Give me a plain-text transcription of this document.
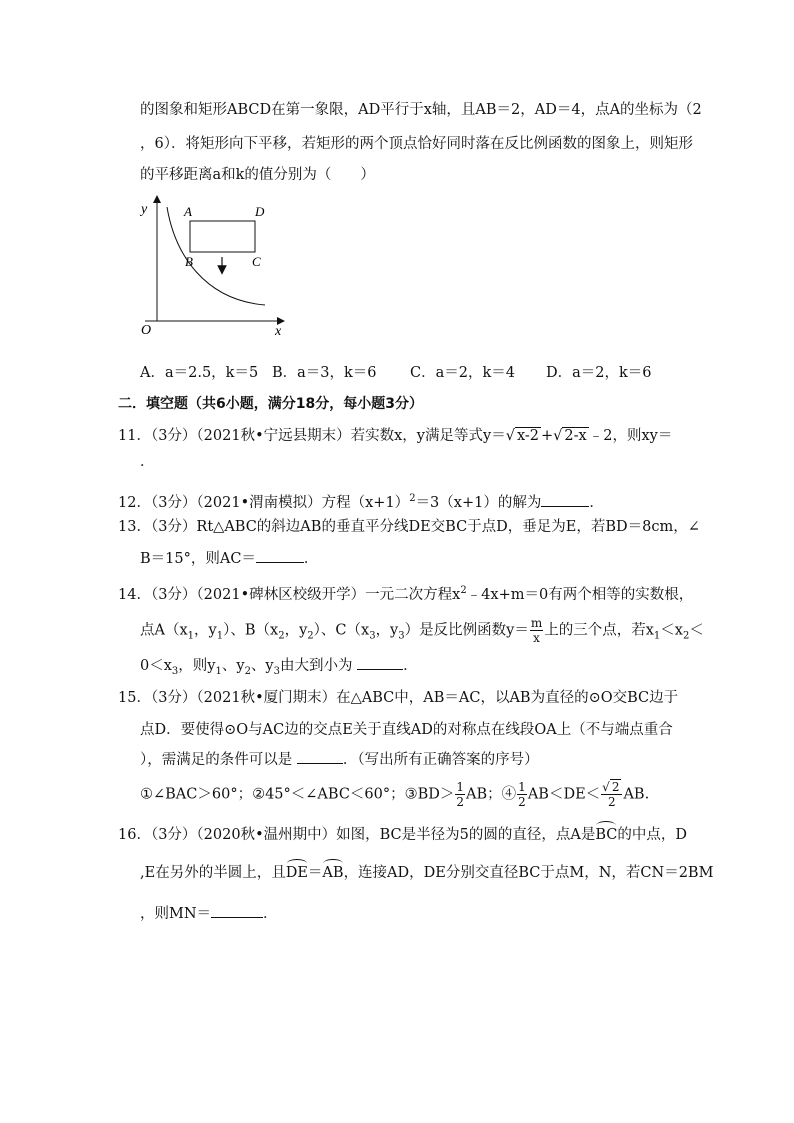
的图象和矩形ABCD在第一象限，AD平行于x轴，且AB＝2，AD＝4，点A的坐标为（2
，6）．将矩形向下平移，若矩形的两个顶点恰好同时落在反比例函数的图象上，则矩形
的平移距离a和k的值分别为（　　）
y
x
O
A	D
B	C
A．a＝2.5，k＝5 B．a＝3，k＝6 C．a＝2，k＝4 D．a＝2，k＝6
二．填空题（共6小题，满分18分，每小题3分）
11．（3分）（2021秋•宁远县期末）若实数x，y满足等式y＝√ x-2 +√ 2-x ﹣2，则xy＝
．
12．（3分）（2021•渭南模拟）方程$(x+1)^2=3(x+1)$的解为	．
13．（3分）Rt△ABC的斜边AB的垂直平分线DE交BC于点D，垂足为E，若BD＝8cm，∠
B＝15°，则AC＝	．
14．（3分）（2021•碑林区校级开学）一元二次方程$x^2﹣4x+m=0$有两个相等的实数根，
点$A(x_1$，$y_1$）、$B(x_2$，$y_2$）、$C(x_3$，$y_3$）是反比例函数$y= \frac{m}{x}$ 上的三个点，若$x_1<x_2<$
$0<x_3$，则$y_1$、$y_2$、$y_3$由大到小为	．
15．（3分）（2021秋•厦门期末）在△ABC中，AB＝AC，以AB为直径的⊙O交BC边于
点D．要使得⊙O与AC边的交点E关于直线AD的对称点在线段OA上（不与端点重合
），需满足的条件可以是	．（写出所有正确答案的序号）
①∠BAC＞60°；②45°＜∠ABC＜60°；③BD＞ $\frac{1}{2}$ AB；④ $\frac{1}{2} AB<DE< \frac{√ 2}{2}$ AB.
16．（3分）（2020秋•温州期中）如图，BC是半径为5的圆的直径，点A是BC的中点，D
,E在另外的半圆上，且DE＝AB，连接AD，DE分别交直径BC于点M，N，若CN＝2BM
，则MN＝	．
